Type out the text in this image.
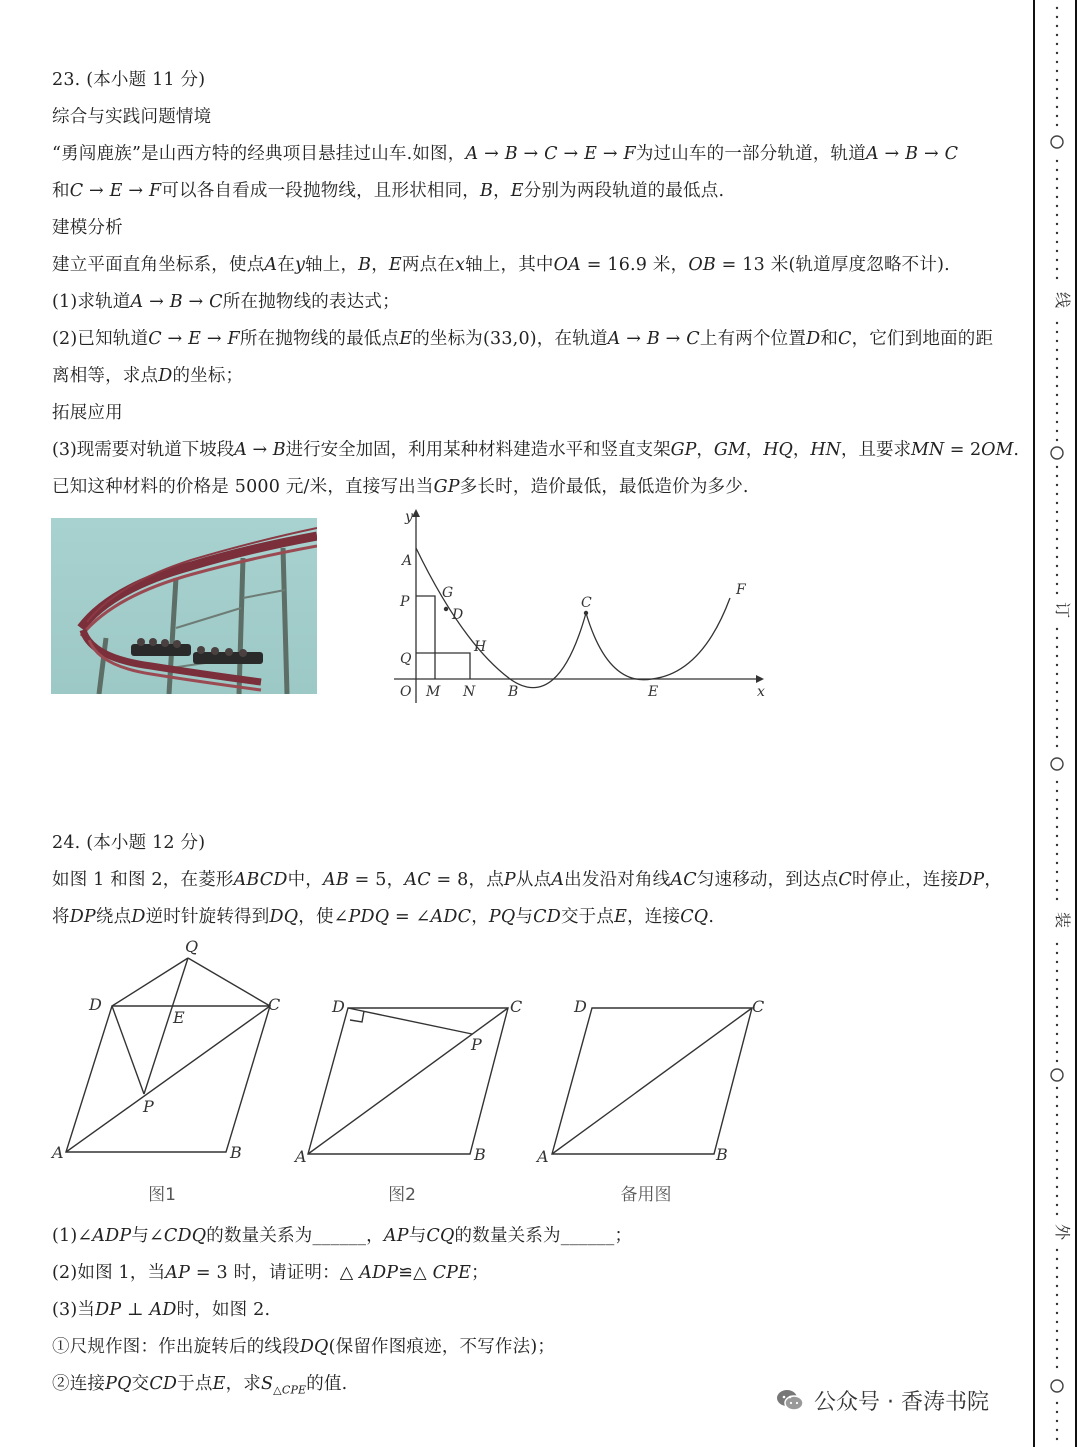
23. (本小题 11 分)
综合与实践问题情境
“勇闯鹿族”是山西方特的经典项目悬挂过山车.如图，A → B → C → E → F为过山车的一部分轨道，轨道A → B → C
和C → E → F可以各自看成一段抛物线，且形状相同，B，E分别为两段轨道的最低点.
建模分析
建立平面直角坐标系，使点A在y轴上，B，E两点在x轴上，其中OA = 16.9 米，OB = 13 米(轨道厚度忽略不计).
(1)求轨道A → B → C所在抛物线的表达式；
(2)已知轨道C → E → F所在抛物线的最低点E的坐标为(33,0)，在轨道A → B → C上有两个位置D和C，它们到地面的距
离相等，求点D的坐标；
拓展应用
(3)现需要对轨道下坡段A → B进行安全加固，利用某种材料建造水平和竖直支架GP，GM，HQ，HN，且要求MN = 2OM.
已知这种材料的价格是 5000 元/米，直接写出当GP多长时，造价最低，最低造价为多少.
y
A
P
Q
G
D
H
C
F
O M N B	E	x
24. (本小题 12 分)
如图 1 和图 2，在菱形ABCD中，AB = 5，AC = 8，点P从点A出发沿对角线AC匀速移动，到达点C时停止，连接DP，
将DP绕点D逆时针旋转得到DQ，使∠PDQ = ∠ADC，PQ与CD交于点E，连接CQ.
Q
D
E
C
P
A	B
D	C
P
A	B
D	C
A	B
图1	图2	备用图
(1)∠ADP与∠CDQ的数量关系为______，AP与CQ的数量关系为______；
(2)如图 1，当AP = 3 时，请证明：△ ADP≌△ CPE；
(3)当DP ⊥ AD时，如图 2.
①尺规作图：作出旋转后的线段DQ(保留作图痕迹，不写作法)；
②连接PQ交CD于点E，求$S_{\triangle CPE}$的值.
线
订
装
外
公众号 · 香涛书院
